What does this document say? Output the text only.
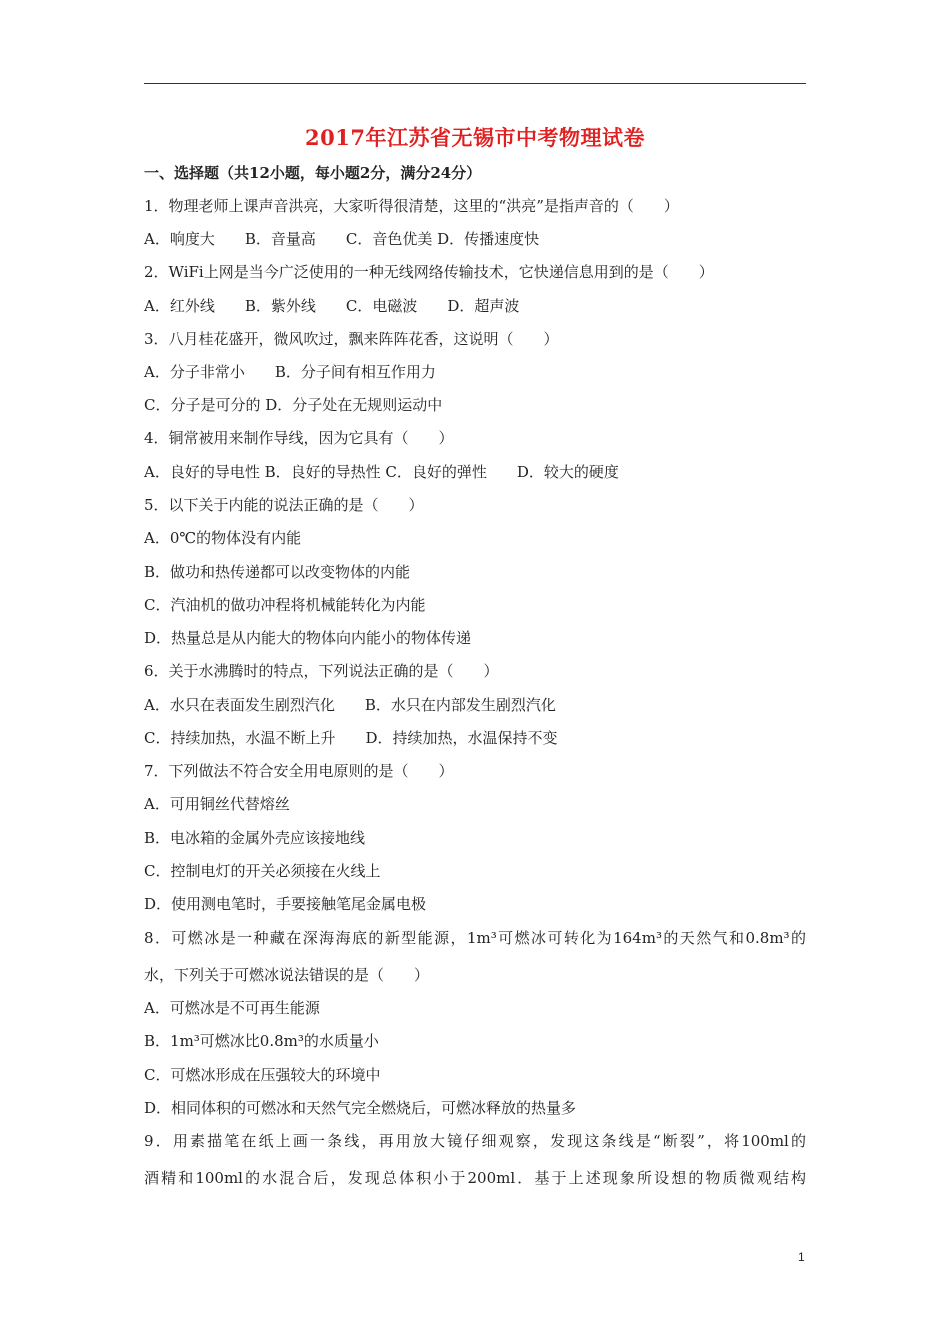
2017年江苏省无锡市中考物理试卷
一、选择题（共12小题，每小题2分，满分24分）
1．物理老师上课声音洪亮，大家听得很清楚，这里的“洪亮”是指声音的（　　）
A．响度大　　B．音量高　　C．音色优美 D．传播速度快
2．WiFi上网是当今广泛使用的一种无线网络传输技术，它快递信息用到的是（　　）
A．红外线　　B．紫外线　　C．电磁波　　D．超声波
3．八月桂花盛开，微风吹过，飘来阵阵花香，这说明（　　）
A．分子非常小　　B．分子间有相互作用力
C．分子是可分的 D．分子处在无规则运动中
4．铜常被用来制作导线，因为它具有（　　）
A．良好的导电性 B．良好的导热性 C．良好的弹性　　D．较大的硬度
5．以下关于内能的说法正确的是（　　）
A．0℃的物体没有内能
B．做功和热传递都可以改变物体的内能
C．汽油机的做功冲程将机械能转化为内能
D．热量总是从内能大的物体向内能小的物体传递
6．关于水沸腾时的特点，下列说法正确的是（　　）
A．水只在表面发生剧烈汽化　　B．水只在内部发生剧烈汽化
C．持续加热，水温不断上升　　D．持续加热，水温保持不变
7．下列做法不符合安全用电原则的是（　　）
A．可用铜丝代替熔丝
B．电冰箱的金属外壳应该接地线
C．控制电灯的开关必须接在火线上
D．使用测电笔时，手要接触笔尾金属电极
8．可燃冰是一种藏在深海海底的新型能源，1m³可燃冰可转化为164m³的天然气和0.8m³的
水，下列关于可燃冰说法错误的是（　　）
A．可燃冰是不可再生能源
B．1m³可燃冰比0.8m³的水质量小
C．可燃冰形成在压强较大的环境中
D．相同体积的可燃冰和天然气完全燃烧后，可燃冰释放的热量多
9．用素描笔在纸上画一条线，再用放大镜仔细观察，发现这条线是“断裂”，将100ml的
酒精和100ml的水混合后，发现总体积小于200ml．基于上述现象所设想的物质微观结构
1
